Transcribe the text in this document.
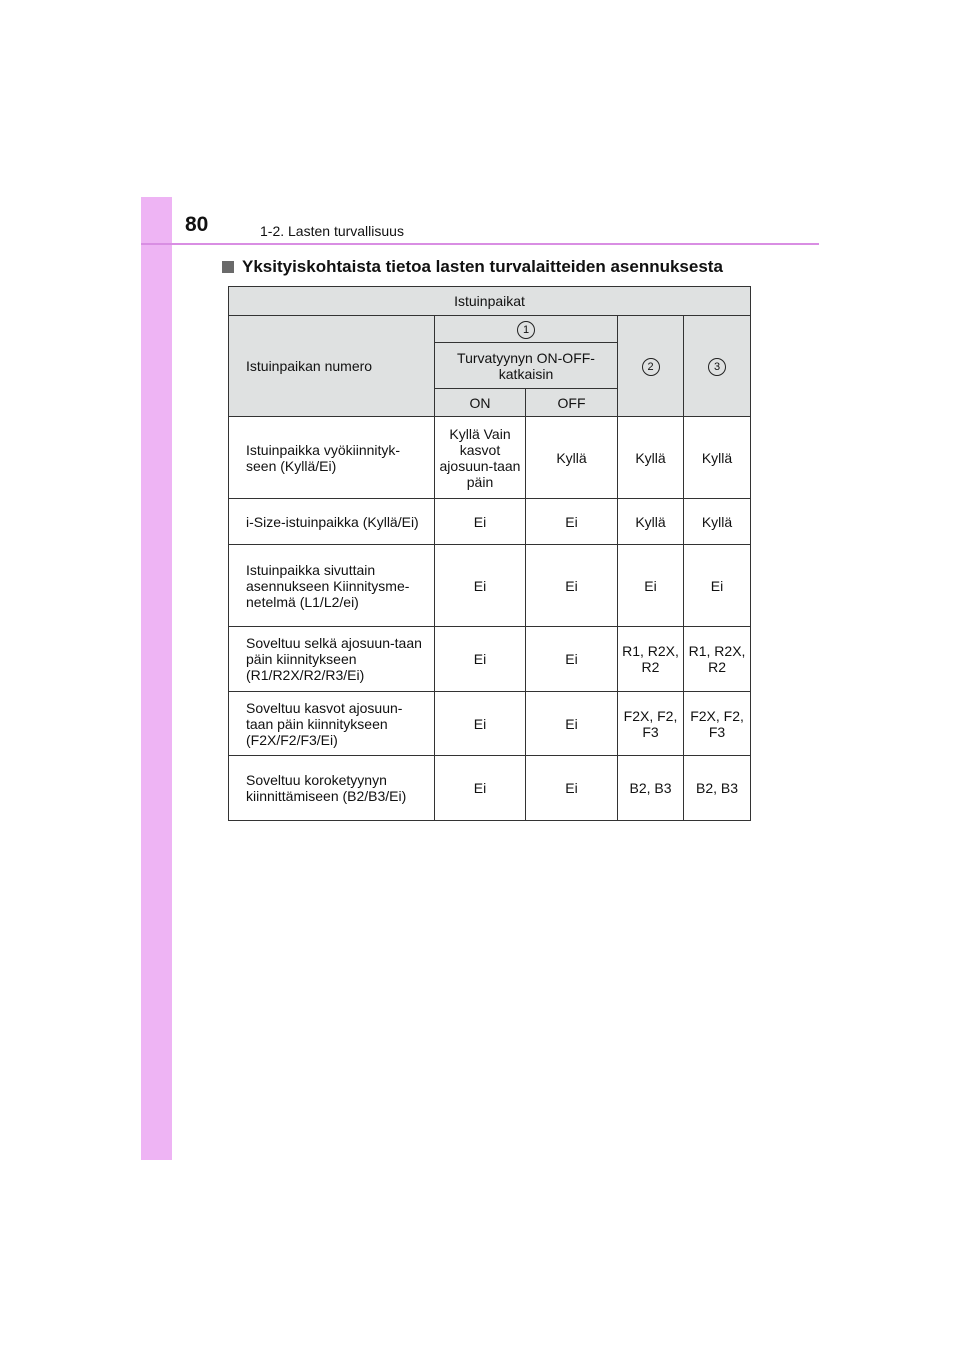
80	1-2. Lasten turvallisuus
Yksityiskohtaista tietoa lasten turvalaitteiden asennuksesta
Istuinpaikat				
Istuinpaikan numero	1		2	3
	Turvatyynyn ON-OFF-katkaisin			
	ON	OFF		
Istuinpaikka vyökiinnityk-seen (Kyllä/Ei)	Kyllä Vain kasvot ajosuun-taan päin	Kyllä	Kyllä	Kyllä
i-Size-istuinpaikka (Kyllä/Ei)	Ei	Ei	Kyllä	Kyllä
Istuinpaikka sivuttain asennukseen Kiinnitysme-netelmä (L1/L2/ei)	Ei	Ei	Ei	Ei
Soveltuu selkä ajosuun-taan päin kiinnitykseen (R1/R2X/R2/R3/Ei)	Ei	Ei	R1, R2X, R2	R1, R2X, R2
Soveltuu kasvot ajosuun-taan päin kiinnitykseen (F2X/F2/F3/Ei)	Ei	Ei	F2X, F2, F3	F2X, F2, F3
Soveltuu koroketyynyn kiinnittämiseen (B2/B3/Ei)	Ei	Ei	B2, B3	B2, B3
